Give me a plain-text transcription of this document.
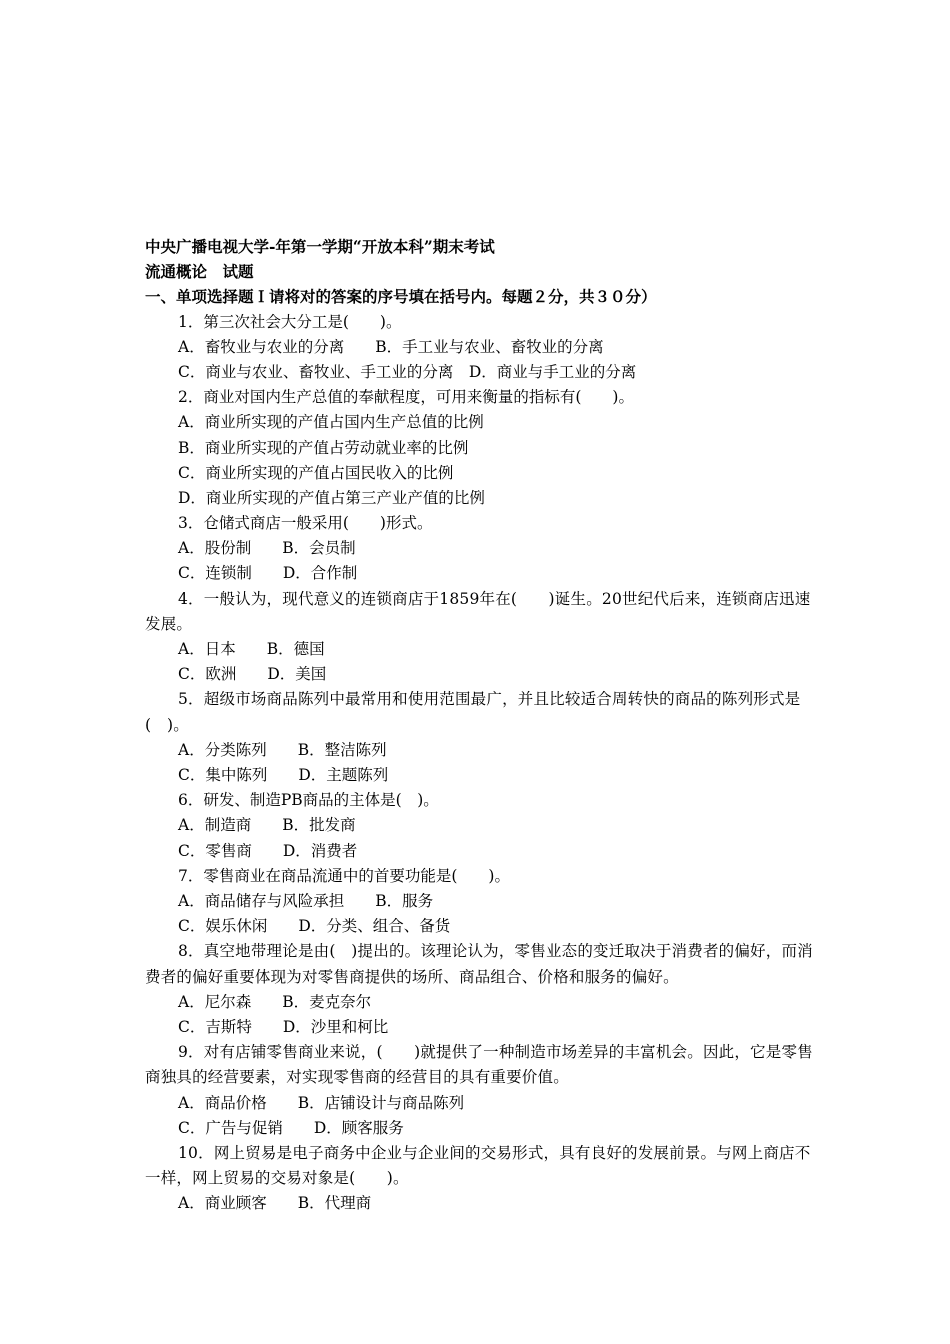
中央广播电视大学-年第一学期“开放本科”期末考试
流通概论　试题
一、单项选择题Ｉ请将对的答案的序号填在括号内。每题２分，共３０分）
1．第三次社会大分工是(　　)。
A．畜牧业与农业的分离　　B．手工业与农业、畜牧业的分离
C．商业与农业、畜牧业、手工业的分离　D．商业与手工业的分离
2．商业对国内生产总值的奉献程度，可用来衡量的指标有(　　)。
A．商业所实现的产值占国内生产总值的比例
B．商业所实现的产值占劳动就业率的比例
C．商业所实现的产值占国民收入的比例
D．商业所实现的产值占第三产业产值的比例
3．仓储式商店一般采用(　　)形式。
A．股份制　　B．会员制
C．连锁制　　D．合作制
4．一般认为，现代意义的连锁商店于1859年在(　　)诞生。20世纪代后来，连锁商店迅速发展。
A．日本　　B．德国
C．欧洲　　D．美国
5．超级市场商品陈列中最常用和使用范围最广，并且比较适合周转快的商品的陈列形式是(　)。
A．分类陈列　　B．整洁陈列
C．集中陈列　　D．主题陈列
6．研发、制造PB商品的主体是(　)。
A．制造商　　B．批发商
C．零售商　　D．消费者
7．零售商业在商品流通中的首要功能是(　　)。
A．商品储存与风险承担　　B．服务
C．娱乐休闲　　D．分类、组合、备货
8．真空地带理论是由(　)提出的。该理论认为，零售业态的变迁取决于消费者的偏好，而消费者的偏好重要体现为对零售商提供的场所、商品组合、价格和服务的偏好。
A．尼尔森　　B．麦克奈尔
C．吉斯特　　D．沙里和柯比
9．对有店铺零售商业来说，(　　)就提供了一种制造市场差异的丰富机会。因此，它是零售商独具的经营要素，对实现零售商的经营目的具有重要价值。
A．商品价格　　B．店铺设计与商品陈列
C．广告与促销　　D．顾客服务
10．网上贸易是电子商务中企业与企业间的交易形式，具有良好的发展前景。与网上商店不一样，网上贸易的交易对象是(　　)。
A．商业顾客　　B．代理商
